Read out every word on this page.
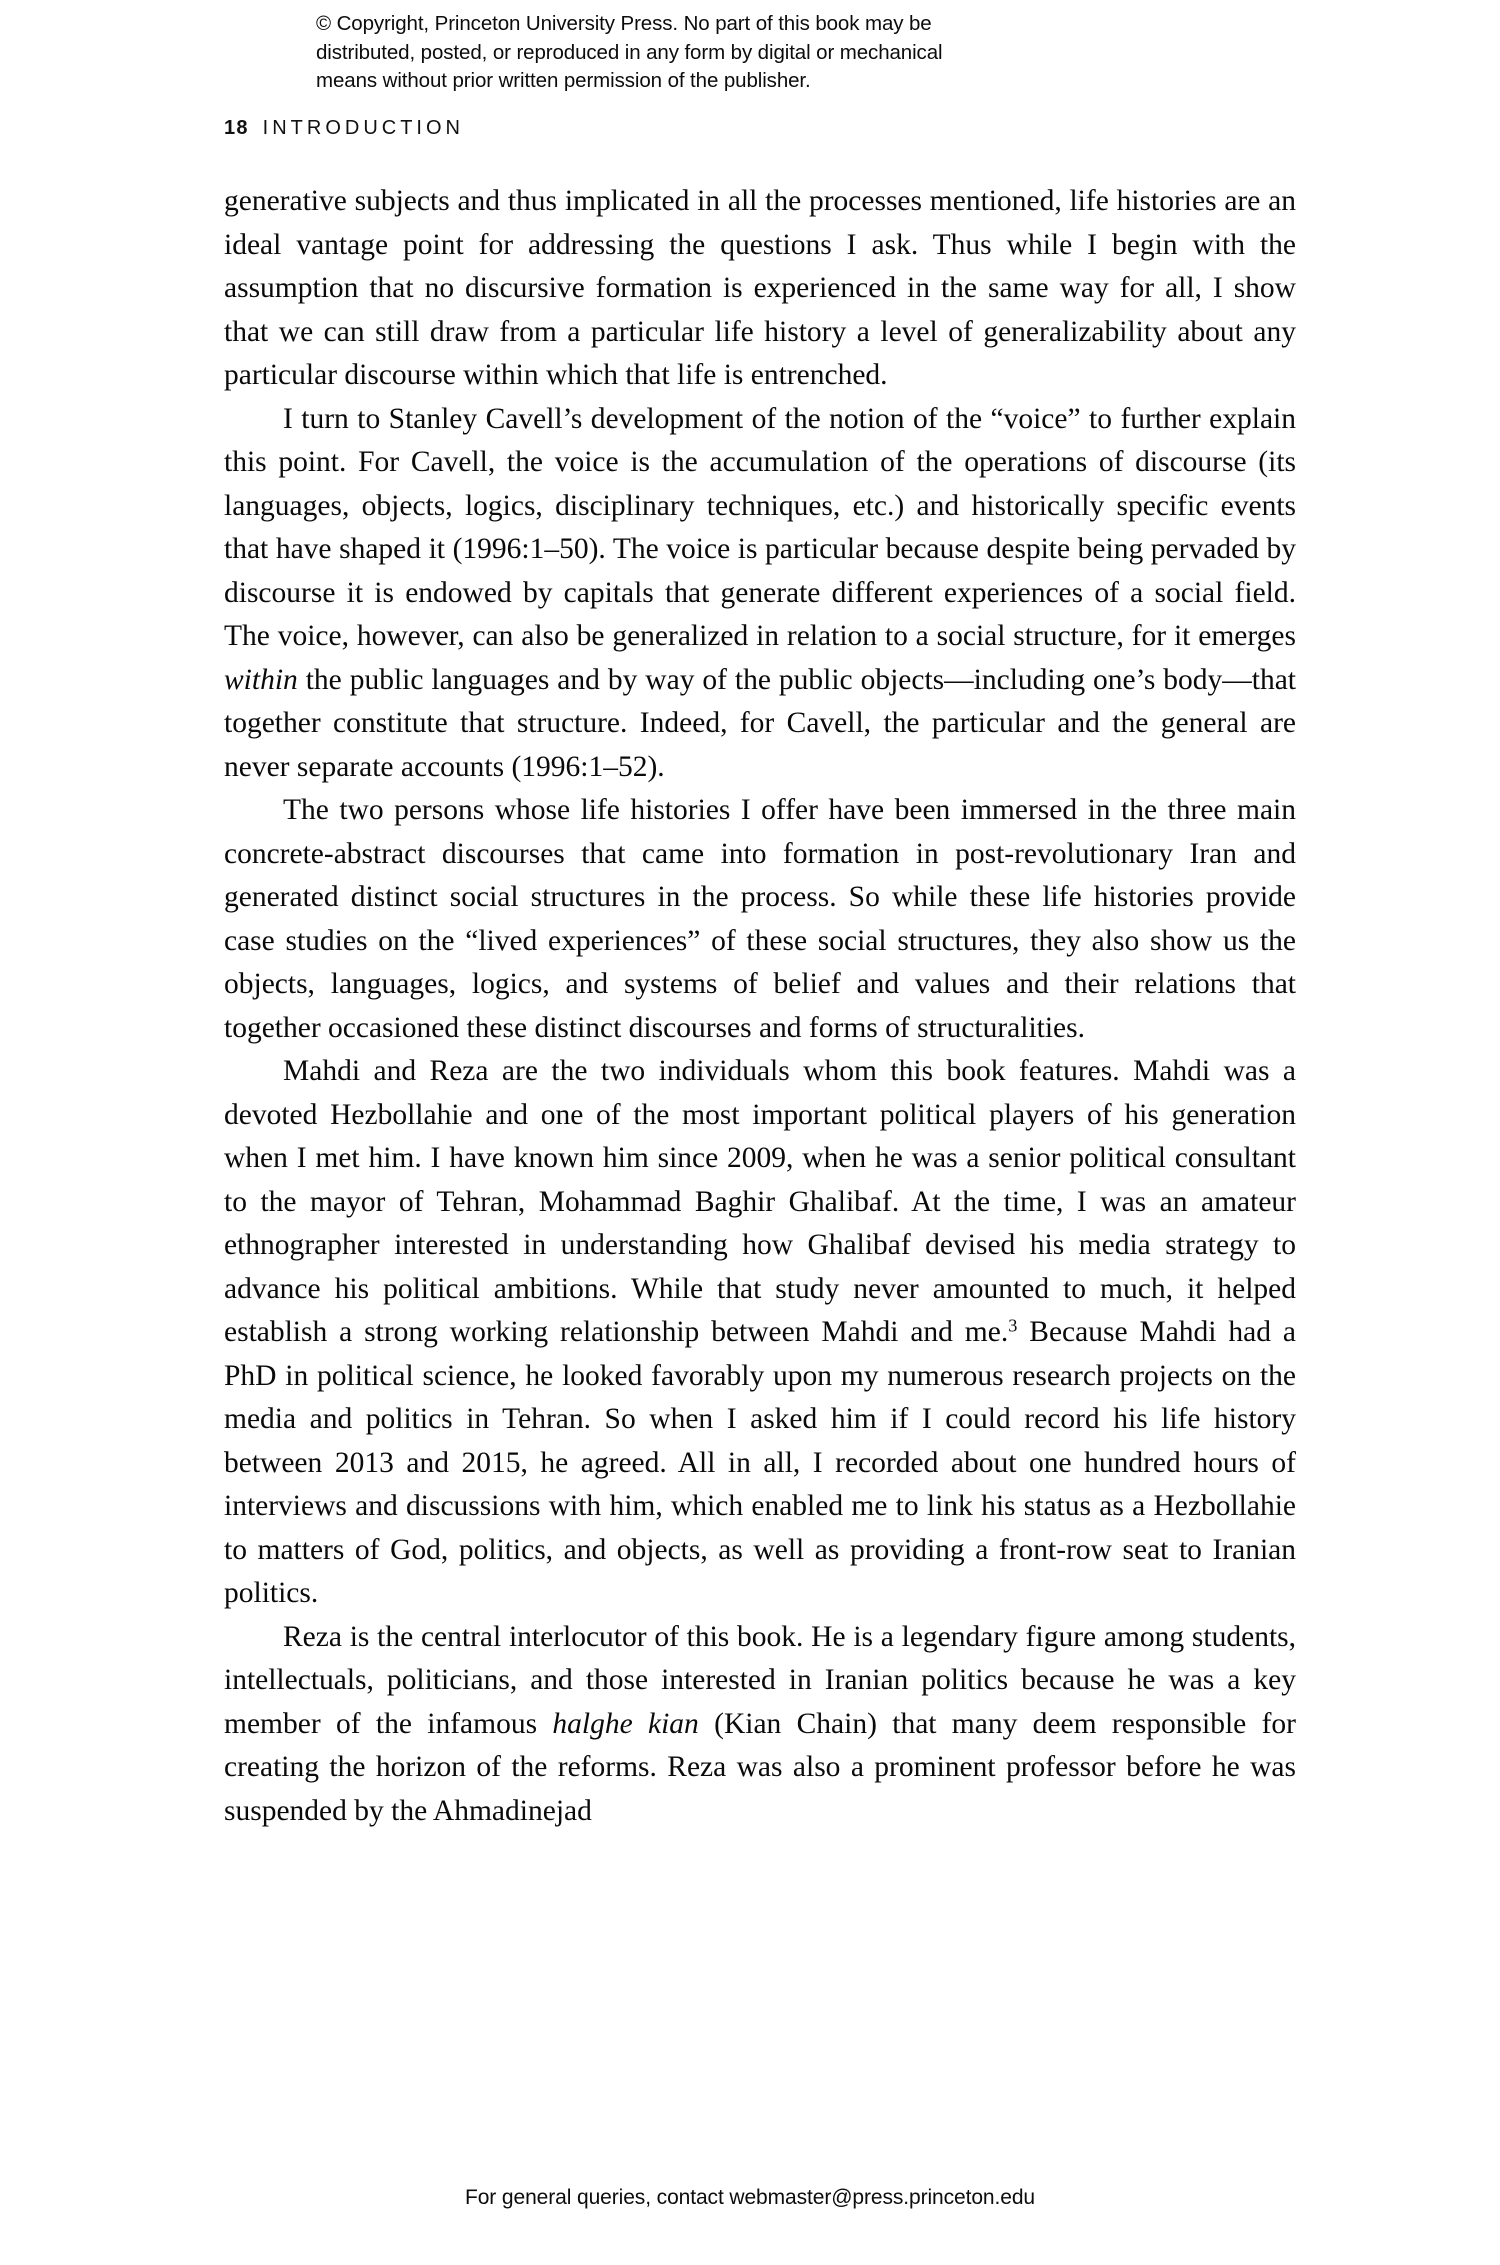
© Copyright, Princeton University Press. No part of this book may be
distributed, posted, or reproduced in any form by digital or mechanical
means without prior written permission of the publisher.
18 INTRODUCTION

generative subjects and thus implicated in all the processes mentioned, life histories are an ideal vantage point for addressing the questions I ask. Thus while I begin with the assumption that no discursive formation is experienced in the same way for all, I show that we can still draw from a particular life history a level of generalizability about any particular discourse within which that life is entrenched.

I turn to Stanley Cavell’s development of the notion of the “voice” to further explain this point. For Cavell, the voice is the accumulation of the operations of discourse (its languages, objects, logics, disciplinary techniques, etc.) and historically specific events that have shaped it (1996:1–50). The voice is particular because despite being pervaded by discourse it is endowed by capitals that generate different experiences of a social field. The voice, however, can also be generalized in relation to a social structure, for it emerges within the public languages and by way of the public objects—including one’s body—that together constitute that structure. Indeed, for Cavell, the particular and the general are never separate accounts (1996:1–52).

The two persons whose life histories I offer have been immersed in the three main concrete-abstract discourses that came into formation in post-revolutionary Iran and generated distinct social structures in the process. So while these life histories provide case studies on the “lived experiences” of these social structures, they also show us the objects, languages, logics, and systems of belief and values and their relations that together occasioned these distinct discourses and forms of structuralities.

Mahdi and Reza are the two individuals whom this book features. Mahdi was a devoted Hezbollahie and one of the most important political players of his generation when I met him. I have known him since 2009, when he was a senior political consultant to the mayor of Tehran, Mohammad Baghir Ghalibaf. At the time, I was an amateur ethnographer interested in understanding how Ghalibaf devised his media strategy to advance his political ambitions. While that study never amounted to much, it helped establish a strong working relationship between Mahdi and me.$^3$ Because Mahdi had a PhD in political science, he looked favorably upon my numerous research projects on the media and politics in Tehran. So when I asked him if I could record his life history between 2013 and 2015, he agreed. All in all, I recorded about one hundred hours of interviews and discussions with him, which enabled me to link his status as a Hezbollahie to matters of God, politics, and objects, as well as providing a front-row seat to Iranian politics.

Reza is the central interlocutor of this book. He is a legendary figure among students, intellectuals, politicians, and those interested in Iranian politics because he was a key member of the infamous halghe kian (Kian Chain) that many deem responsible for creating the horizon of the reforms. Reza was also a prominent professor before he was suspended by the Ahmadinejad

For general queries, contact webmaster@press.princeton.edu
